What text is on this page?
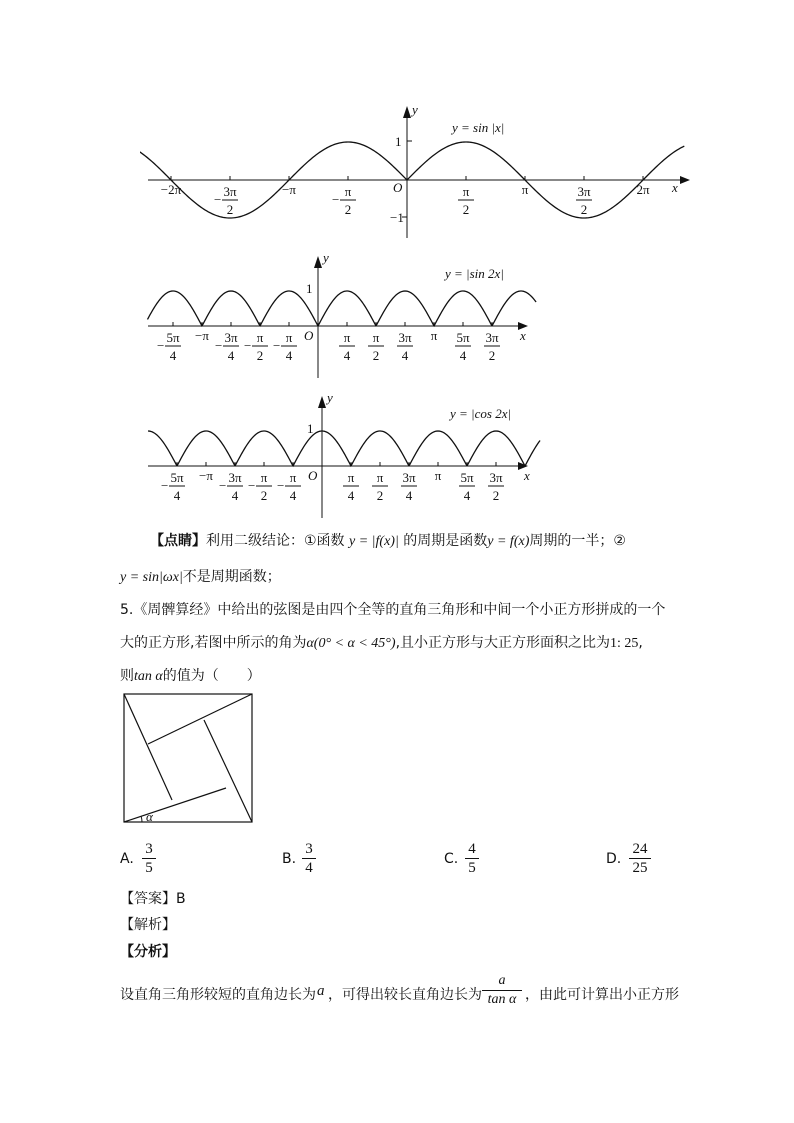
y
x
O
1
−1
y = sin |x|
−2π
−
3π
2
−π
−
π
2
π
2
π	3π
2
2π
y
x
O
1
y = |sin 2x|
−
5π
4
−π
−
3π
4
−
π
2
−
π
4
π
4
π
2
3π
4
π 5π
4
3π
2
y
x
O
1
y = |cos 2x|
−
5π
4
−π
−
3π
4
−
π
2
−
π
4
π
4
π
2
3π
4
π 5π
4
3π
2
【点睛】利用二级结论：①函数 y = |f(x)| 的周期是函数y = f(x)周期的一半；②
y = sin|ωx|不是周期函数；
5.《周髀算经》中给出的弦图是由四个全等的直角三角形和中间一个小正方形拼成的一个
大的正方形,若图中所示的角为α(0° < α < 45°),且小正方形与大正方形面积之比为1: 25,
则tan α的值为（　　）
α
A. $\frac{3}{5}$	B. $\frac{3}{4}$	C. $\frac{4}{5}$	D. $\frac{24}{25}$
【答案】B
【解析】
【分析】
设直角三角形较短的直角边长为 a ，可得出较长直角边长为 $\frac{a}{\text{tan α}}$ ，由此可计算出小正方形
